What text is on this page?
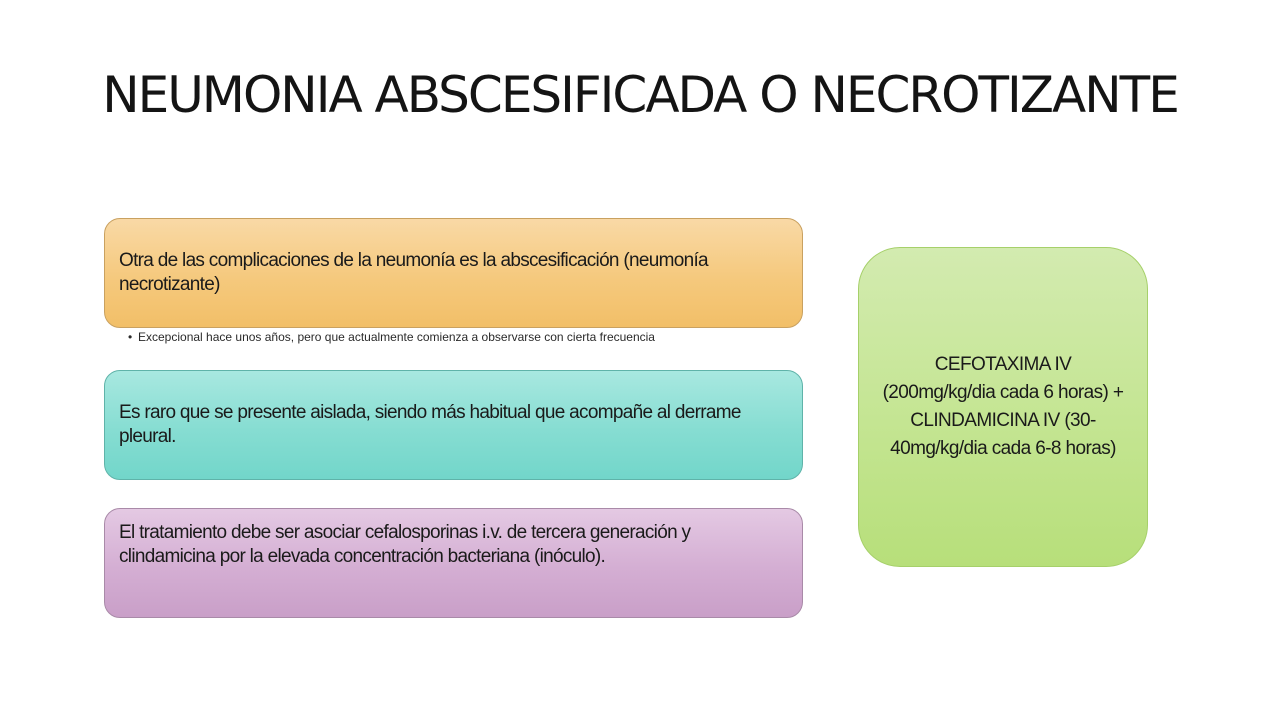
NEUMONIA ABSCESIFICADA O NECROTIZANTE

Otra de las complicaciones de la neumonía es la abscesificación (neumonía necrotizante)

• Excepcional hace unos años, pero que actualmente comienza a observarse con cierta frecuencia

Es raro que se presente aislada, siendo más habitual que acompañe al derrame pleural.

El tratamiento debe ser asociar cefalosporinas i.v. de tercera generación y clindamicina por la elevada concentración bacteriana (inóculo).

CEFOTAXIMA IV (200mg/kg/dia cada 6 horas) + CLINDAMICINA IV (30-40mg/kg/dia cada 6-8 horas)
